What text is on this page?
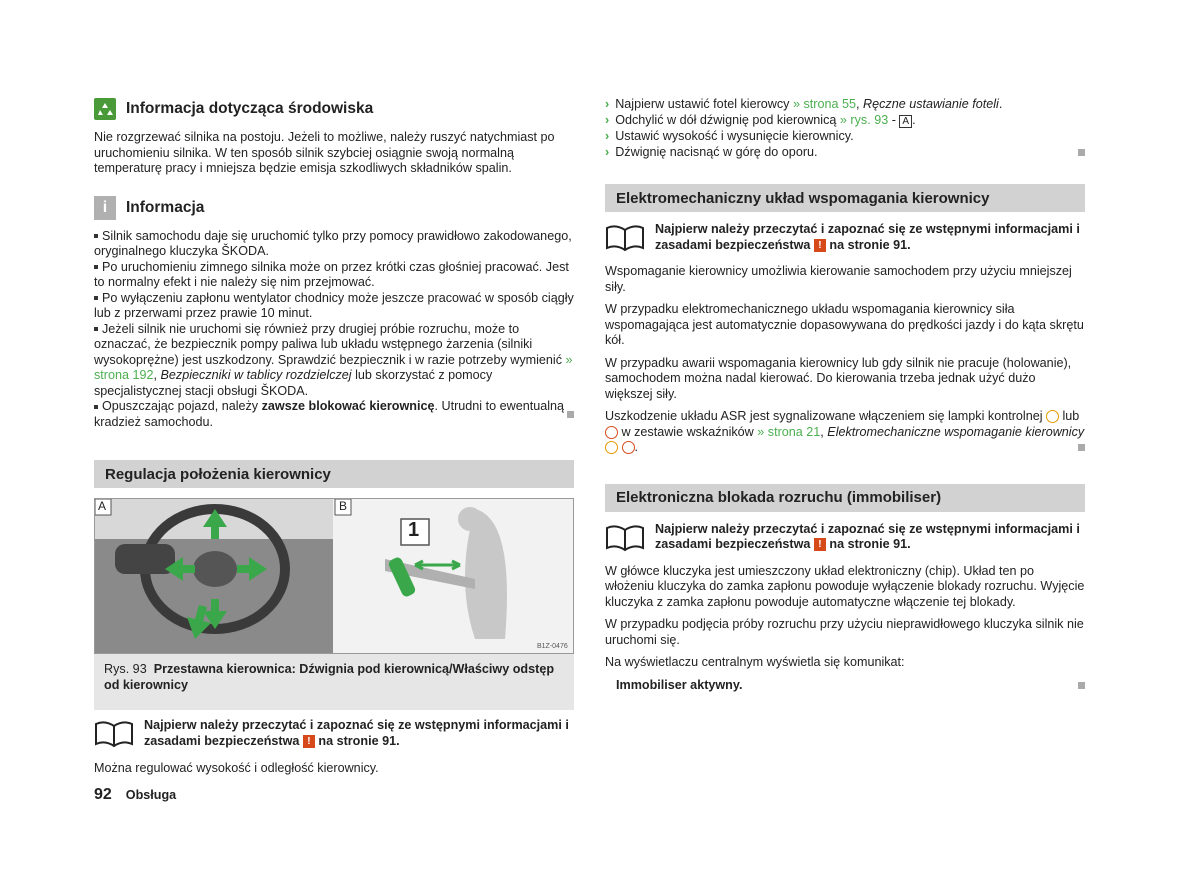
Informacja dotycząca środowiska

Nie rozgrzewać silnika na postoju. Jeżeli to możliwe, należy ruszyć natychmiast po uruchomieniu silnika. W ten sposób silnik szybciej osiągnie swoją normalną temperaturę pracy i mniejsza będzie emisja szkodliwych składników spalin.

i	Informacja

Silnik samochodu daje się uruchomić tylko przy pomocy prawidłowo zakodowanego, oryginalnego kluczyka ŠKODA.

Po uruchomieniu zimnego silnika może on przez krótki czas głośniej pracować. Jest to normalny efekt i nie należy się nim przejmować.

Po wyłączeniu zapłonu wentylator chodnicy może jeszcze pracować w sposób ciągły lub z przerwami przez prawie 10 minut.

Jeżeli silnik nie uruchomi się również przy drugiej próbie rozruchu, może to oznaczać, że bezpiecznik pompy paliwa lub układu wstępnego żarzenia (silniki wysokoprężne) jest uszkodzony. Sprawdzić bezpiecznik i w razie potrzeby wymienić » strona 192, Bezpieczniki w tablicy rozdzielczej lub skorzystać z pomocy specjalistycznej stacji obsługi ŠKODA.

Opuszczając pojazd, należy zawsze blokować kierownicę. Utrudni to ewentualną kradzież samochodu.

Regulacja położenia kierownicy
A	B
1
B1Z-0476

Rys. 93 Przestawna kierownica: Dźwignia pod kierownicą/Właściwy odstęp od kierownicy

Najpierw należy przeczytać i zapoznać się ze wstępnymi informacjami i zasadami bezpieczeństwa ! na stronie 91.

Można regulować wysokość i odległość kierownicy.

› Najpierw ustawić fotel kierowcy » strona 55, Ręczne ustawianie foteli.
› Odchylić w dół dźwignię pod kierownicą » rys. 93 - A .
› Ustawić wysokość i wysunięcie kierownicy.
› Dźwignię nacisnąć w górę do oporu.
Elektromechaniczny układ wspomagania kierownicy
Najpierw należy przeczytać i zapoznać się ze wstępnymi informacjami i zasadami bezpieczeństwa ! na stronie 91.

Wspomaganie kierownicy umożliwia kierowanie samochodem przy użyciu mniejszej siły.

W przypadku elektromechanicznego układu wspomagania kierownicy siła wspomagająca jest automatycznie dopasowywana do prędkości jazdy i do kąta skrętu kół.

W przypadku awarii wspomagania kierownicy lub gdy silnik nie pracuje (holowanie), samochodem można nadal kierować. Do kierowania trzeba jednak użyć dużo większej siły.

Uszkodzenie układu ASR jest sygnalizowane włączeniem się lampki kontrolnej lub  w zestawie wskaźników » strona 21, Elektromechaniczne wspomaganie kierownicy  .

Elektroniczna blokada rozruchu (immobiliser)
Najpierw należy przeczytać i zapoznać się ze wstępnymi informacjami i zasadami bezpieczeństwa ! na stronie 91.

W główce kluczyka jest umieszczony układ elektroniczny (chip). Układ ten po włożeniu kluczyka do zamka zapłonu powoduje wyłączenie blokady rozruchu. Wyjęcie kluczyka z zamka zapłonu powoduje automatyczne włączenie tej blokady.

W przypadku podjęcia próby rozruchu przy użyciu nieprawidłowego kluczyka silnik nie uruchomi się.

Na wyświetlaczu centralnym wyświetla się komunikat:

Immobiliser aktywny.

92 Obsługa
